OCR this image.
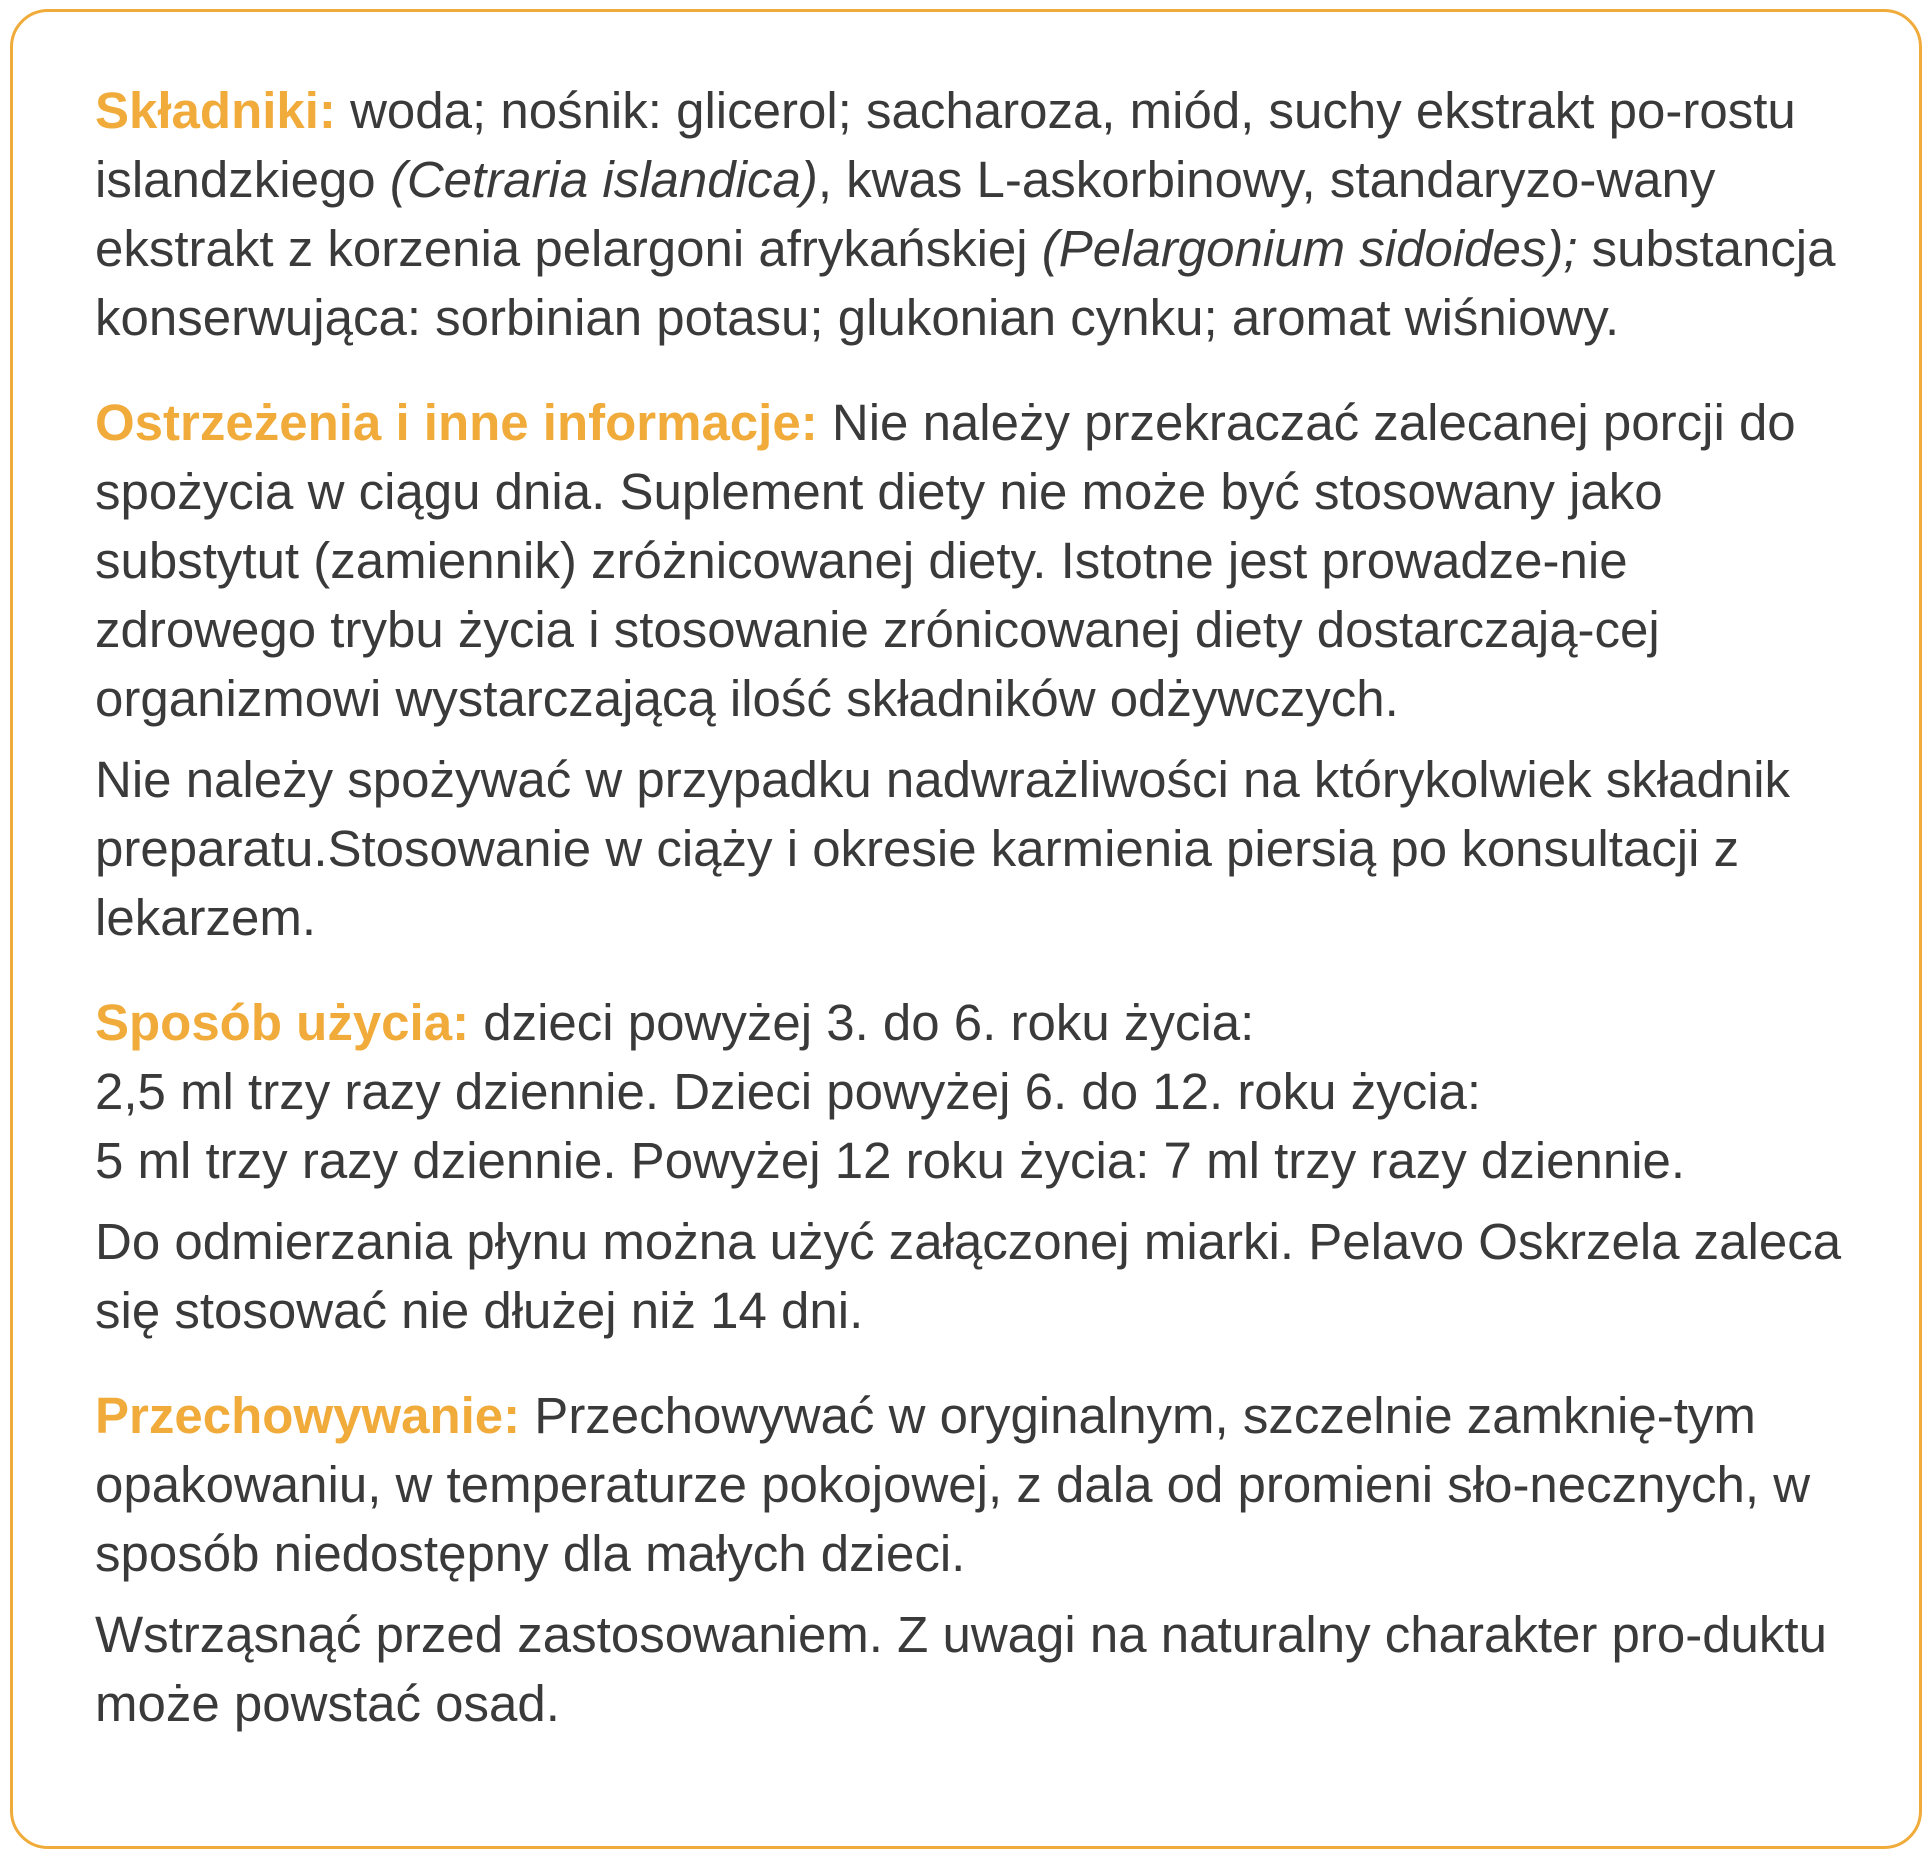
Składniki: woda; nośnik: glicerol; sacharoza, miód, suchy ekstrakt po-rostu islandzkiego (Cetraria islandica), kwas L-askorbinowy, standaryzo-wany ekstrakt z korzenia pelargoni afrykańskiej (Pelargonium sidoides); substancja konserwująca: sorbinian potasu; glukonian cynku; aromat wiśniowy.

Ostrzeżenia i inne informacje: Nie należy przekraczać zalecanej porcji do spożycia w ciągu dnia. Suplement diety nie może być stosowany jako substytut (zamiennik) zróżnicowanej diety. Istotne jest prowadze-nie zdrowego trybu życia i stosowanie zrónicowanej diety dostarczają-cej organizmowi wystarczającą ilość składników odżywczych.

Nie należy spożywać w przypadku nadwrażliwości na którykolwiek składnik preparatu.Stosowanie w ciąży i okresie karmienia piersią po konsultacji z lekarzem.

Sposób użycia: dzieci powyżej 3. do 6. roku życia:
2,5 ml trzy razy dziennie. Dzieci powyżej 6. do 12. roku życia:
5 ml trzy razy dziennie. Powyżej 12 roku życia: 7 ml trzy razy dziennie.

Do odmierzania płynu można użyć załączonej miarki. Pelavo Oskrzela zaleca się stosować nie dłużej niż 14 dni.

Przechowywanie: Przechowywać w oryginalnym, szczelnie zamknię-tym opakowaniu, w temperaturze pokojowej, z dala od promieni sło-necznych, w sposób niedostępny dla małych dzieci.

Wstrząsnąć przed zastosowaniem. Z uwagi na naturalny charakter pro-duktu może powstać osad.
